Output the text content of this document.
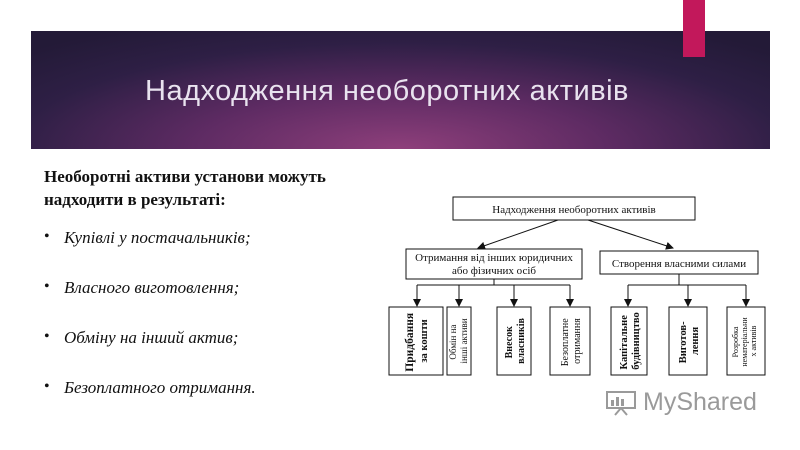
Надходження необоротних активів
Необоротні активи установи можуть надходити в результаті:
• Купівлі у постачальників;
• Власного виготовлення;
• Обміну на інший актив;
• Безоплатного отримання.
Надходження необоротних активів
Отримання від інших юридичних
або фізичних осіб
Створення власними силами
Придбання за кошти Обмін на інші активи	Внесок власників	Безоплатне отримання	Капітальне будівництво	Виготов- лення	Розробка нематеріальни х активів
MyShared
